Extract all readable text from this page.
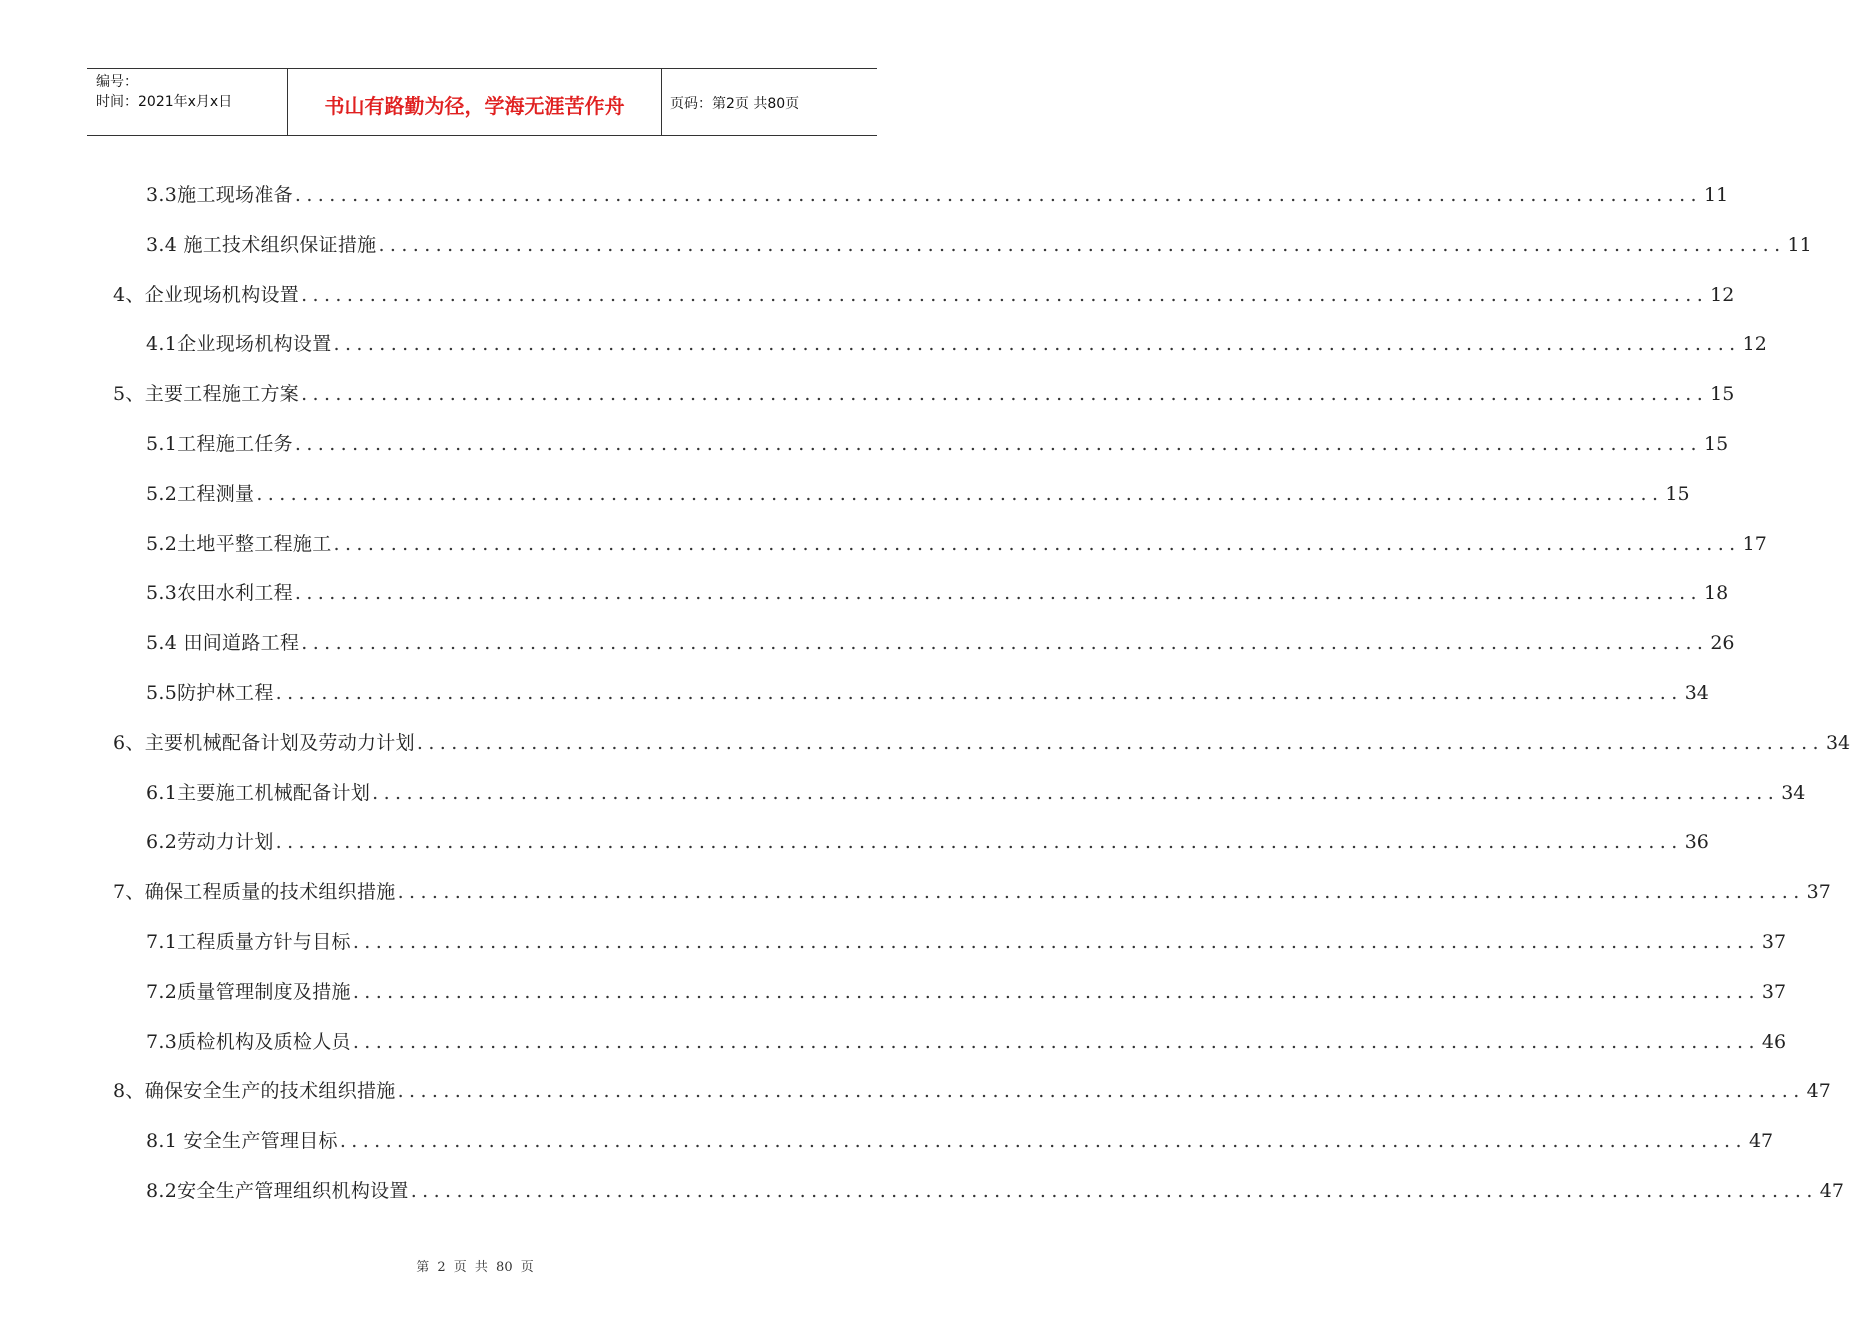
编号：
时间：2021年x月x日	书山有路勤为径，学海无涯苦作舟	页码：第2页 共80页
3.3施工现场准备 ........................................................................................................................... 11
3.4 施工技术组织保证措施 ........................................................................................................................... 11
4、企业现场机构设置 ........................................................................................................................... 12
4.1企业现场机构设置 ........................................................................................................................... 12
5、主要工程施工方案 ........................................................................................................................... 15
5.1工程施工任务 ........................................................................................................................... 15
5.2工程测量 ........................................................................................................................... 15
5.2土地平整工程施工 ........................................................................................................................... 17
5.3农田水利工程 ........................................................................................................................... 18
5.4 田间道路工程 ........................................................................................................................... 26
5.5防护林工程 ........................................................................................................................... 34
6、主要机械配备计划及劳动力计划 ........................................................................................................................... 34
6.1主要施工机械配备计划 ........................................................................................................................... 34
6.2劳动力计划 ........................................................................................................................... 36
7、确保工程质量的技术组织措施 ........................................................................................................................... 37
7.1工程质量方针与目标 ........................................................................................................................... 37
7.2质量管理制度及措施 ........................................................................................................................... 37
7.3质检机构及质检人员 ........................................................................................................................... 46
8、确保安全生产的技术组织措施 ........................................................................................................................... 47
8.1 安全生产管理目标 ........................................................................................................................... 47
8.2安全生产管理组织机构设置 ........................................................................................................................... 47
第 2 页 共 80 页
